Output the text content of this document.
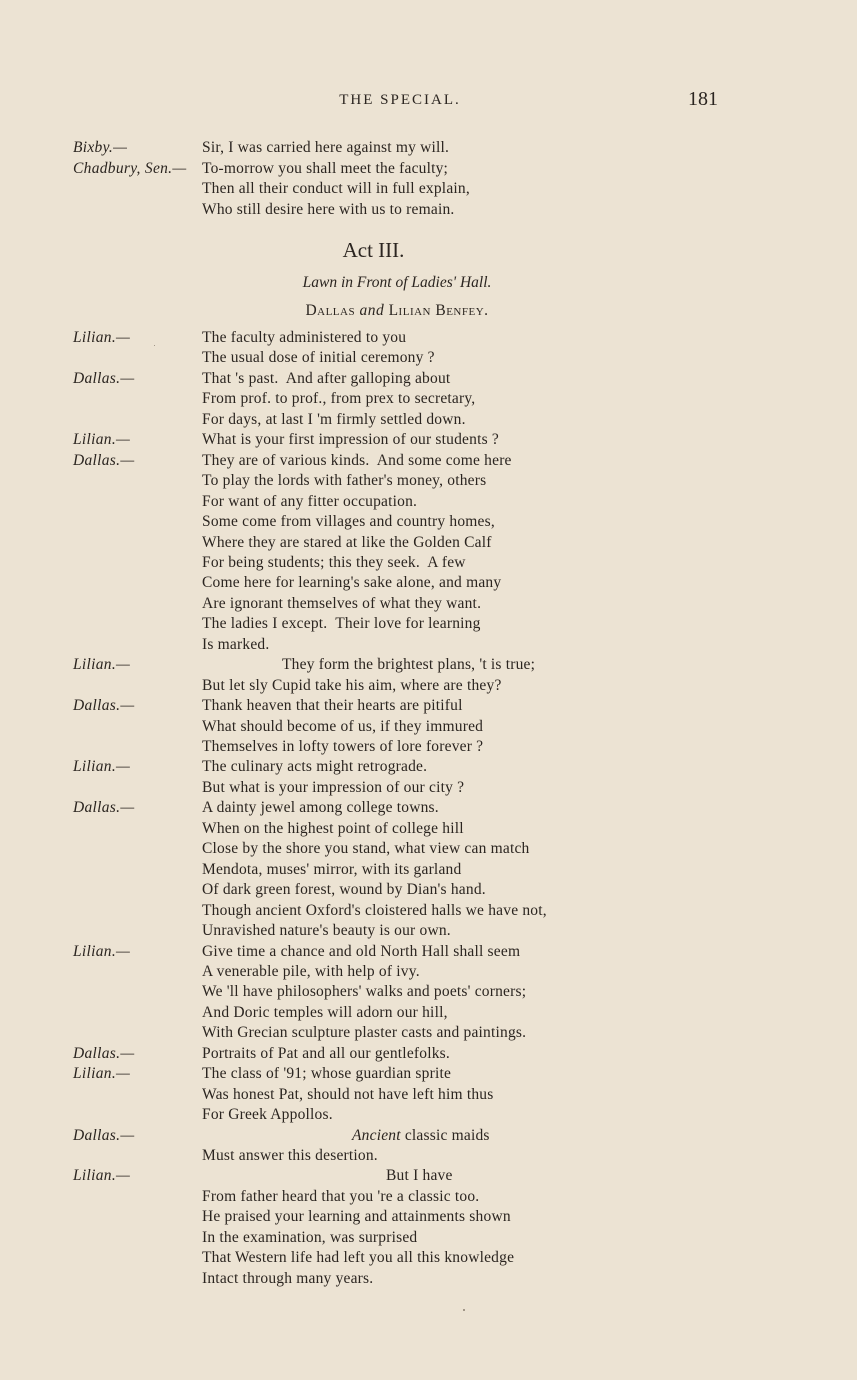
THE SPECIAL.	181
Bixby.—	Sir, I was carried here against my will.
Chadbury, Sen.— To-morrow you shall meet the faculty;
Then all their conduct will in full explain,
Who still desire here with us to remain.
Act III.
Lawn in Front of Ladies' Hall.
Dallas and Lilian Benfey.
Lilian.—	The faculty administered to you
The usual dose of initial ceremony ?
Dallas.—	That 's past.  And after galloping about
From prof. to prof., from prex to secretary,
For days, at last I 'm firmly settled down.
Lilian.—	What is your first impression of our students ?
Dallas.—	They are of various kinds.  And some come here
To play the lords with father's money, others
For want of any fitter occupation.
Some come from villages and country homes,
Where they are stared at like the Golden Calf
For being students; this they seek.  A few
Come here for learning's sake alone, and many
Are ignorant themselves of what they want.
The ladies I except.  Their love for learning
Is marked.
Lilian.—	They form the brightest plans, 't is true;
But let sly Cupid take his aim, where are they?
Dallas.—	Thank heaven that their hearts are pitiful
What should become of us, if they immured
Themselves in lofty towers of lore forever ?
Lilian.—	The culinary acts might retrograde.
But what is your impression of our city ?
Dallas.—	A dainty jewel among college towns.
When on the highest point of college hill
Close by the shore you stand, what view can match
Mendota, muses' mirror, with its garland
Of dark green forest, wound by Dian's hand.
Though ancient Oxford's cloistered halls we have not,
Unravished nature's beauty is our own.
Lilian.—	Give time a chance and old North Hall shall seem
A venerable pile, with help of ivy.
We 'll have philosophers' walks and poets' corners;
And Doric temples will adorn our hill,
With Grecian sculpture plaster casts and paintings.
Dallas.—	Portraits of Pat and all our gentlefolks.
Lilian.—	The class of '91; whose guardian sprite
Was honest Pat, should not have left him thus
For Greek Appollos.
Dallas.—	Ancient classic maids
Must answer this desertion.
Lilian.—	But I have
From father heard that you 're a classic too.
He praised your learning and attainments shown
In the examination, was surprised
That Western life had left you all this knowledge
Intact through many years.
